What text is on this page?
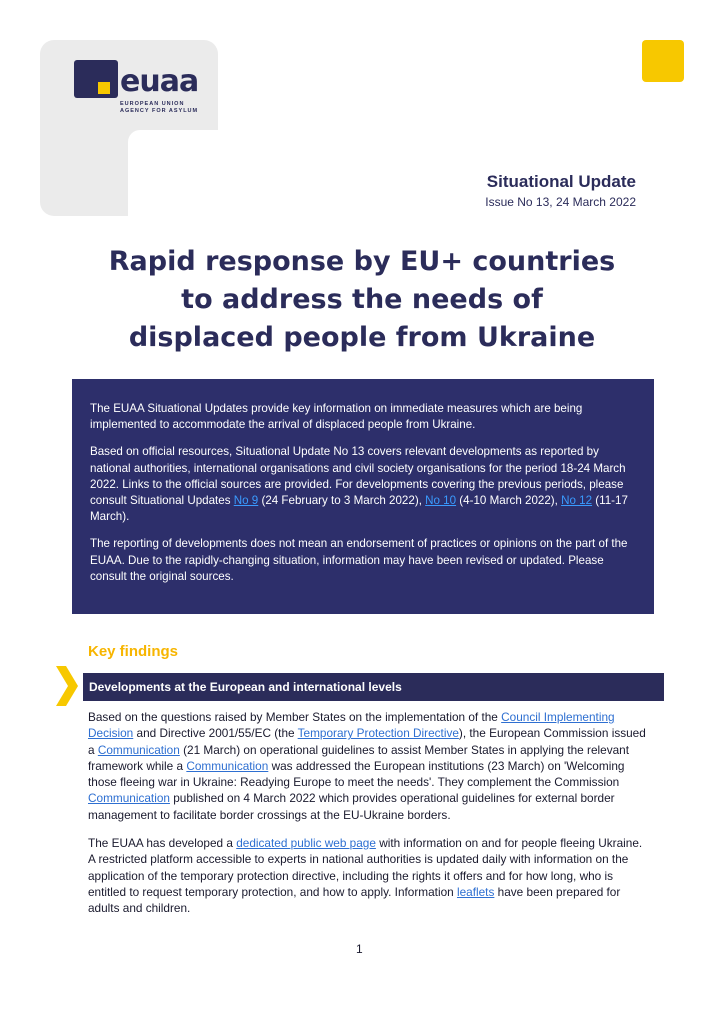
euaa
EUROPEAN UNION
AGENCY FOR ASYLUM
Situational Update
Issue No 13, 24 March 2022
Rapid response by EU+ countries
to address the needs of
displaced people from Ukraine

The EUAA Situational Updates provide key information on immediate measures which are being implemented to accommodate the arrival of displaced people from Ukraine.

Based on official resources, Situational Update No 13 covers relevant developments as reported by national authorities, international organisations and civil society organisations for the period 18-24 March 2022. Links to the official sources are provided. For developments covering the previous periods, please consult Situational Updates No 9 (24 February to 3 March 2022), No 10 (4-10 March 2022), No 12 (11-17 March).

The reporting of developments does not mean an endorsement of practices or opinions on the part of the EUAA. Due to the rapidly-changing situation, information may have been revised or updated. Please consult the original sources.

Key findings
Developments at the European and international levels

Based on the questions raised by Member States on the implementation of the Council Implementing Decision and Directive 2001/55/EC (the Temporary Protection Directive), the European Commission issued a Communication (21 March) on operational guidelines to assist Member States in applying the relevant framework while a Communication was addressed the European institutions (23 March) on 'Welcoming those fleeing war in Ukraine: Readying Europe to meet the needs'. They complement the Commission Communication published on 4 March 2022 which provides operational guidelines for external border management to facilitate border crossings at the EU-Ukraine borders.

The EUAA has developed a dedicated public web page with information on and for people fleeing Ukraine. A restricted platform accessible to experts in national authorities is updated daily with information on the application of the temporary protection directive, including the rights it offers and for how long, who is entitled to request temporary protection, and how to apply. Information leaflets have been prepared for adults and children.

1
